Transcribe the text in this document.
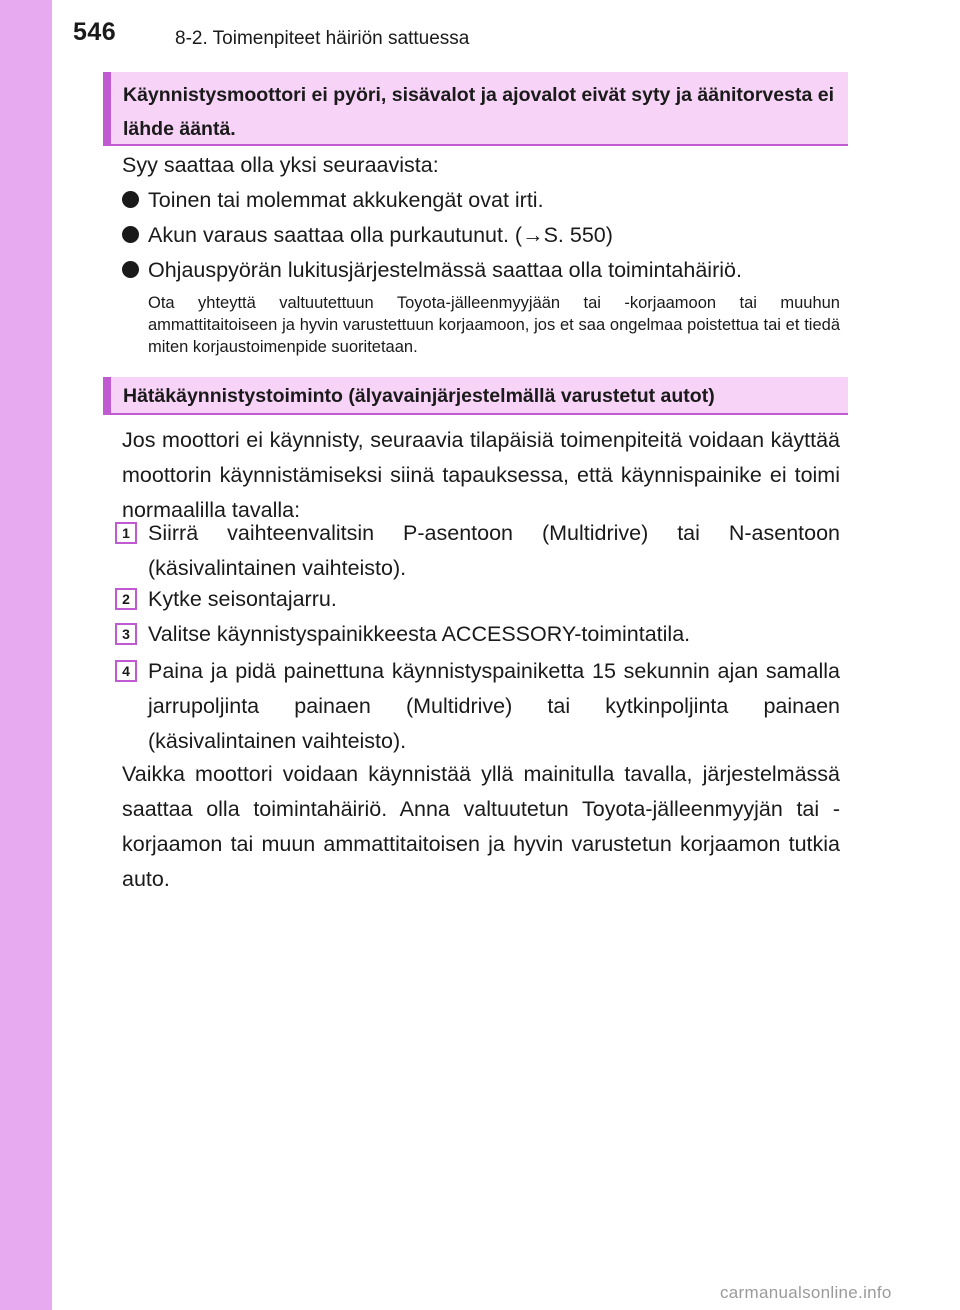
546	8-2. Toimenpiteet häiriön sattuessa
Käynnistysmoottori ei pyöri, sisävalot ja ajovalot eivät syty ja äänitorvesta ei lähde ääntä.
Syy saattaa olla yksi seuraavista:
Toinen tai molemmat akkukengät ovat irti.
Akun varaus saattaa olla purkautunut. (→S. 550)
Ohjauspyörän lukitusjärjestelmässä saattaa olla toimintahäiriö.
Ota yhteyttä valtuutettuun Toyota-jälleenmyyjään tai -korjaamoon tai muuhun ammattitaitoiseen ja hyvin varustettuun korjaamoon, jos et saa ongelmaa poistettua tai et tiedä miten korjaustoimenpide suoritetaan.
Hätäkäynnistystoiminto (älyavainjärjestelmällä varustetut autot)
Jos moottori ei käynnisty, seuraavia tilapäisiä toimenpiteitä voidaan käyttää moottorin käynnistämiseksi siinä tapauksessa, että käynnispainike ei toimi normaalilla tavalla:
1 Siirrä vaihteenvalitsin P-asentoon (Multidrive) tai N-asentoon (käsivalintainen vaihteisto).
2 Kytke seisontajarru.
3 Valitse käynnistyspainikkeesta ACCESSORY-toimintatila.
4 Paina ja pidä painettuna käynnistyspainiketta 15 sekunnin ajan samalla jarrupoljinta painaen (Multidrive) tai kytkinpoljinta painaen (käsivalintainen vaihteisto).
Vaikka moottori voidaan käynnistää yllä mainitulla tavalla, järjestelmässä saattaa olla toimintahäiriö. Anna valtuutetun Toyota-jälleenmyyjän tai -korjaamon tai muun ammattitaitoisen ja hyvin varustetun korjaamon tutkia auto.
carmanualsonline.info
